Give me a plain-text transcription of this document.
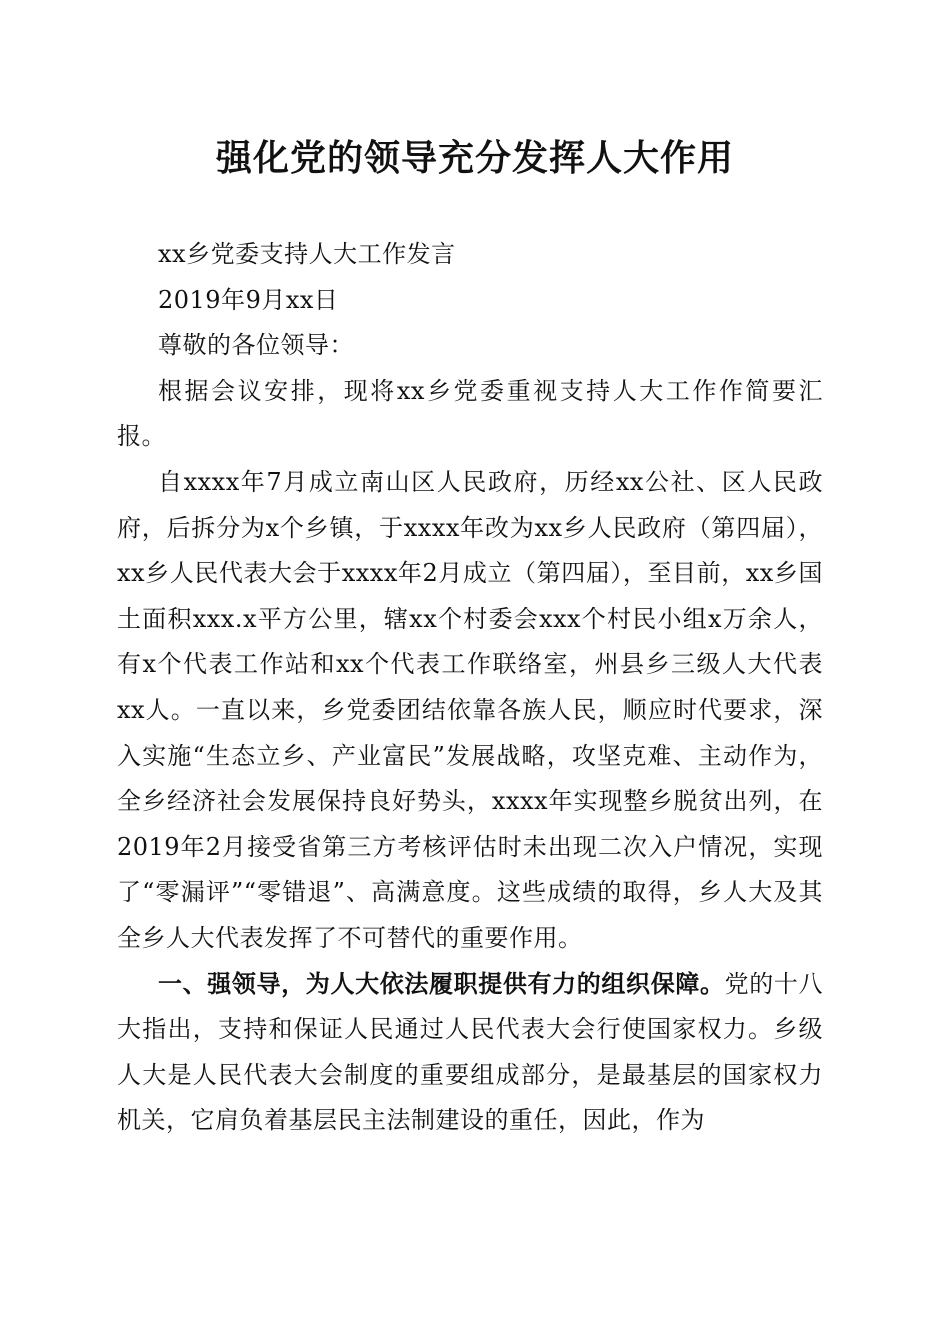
强化党的领导充分发挥人大作用

xx乡党委支持人大工作发言

2019年9月xx日

尊敬的各位领导：

根据会议安排，现将xx乡党委重视支持人大工作作简要汇报。

自xxxx年7月成立南山区人民政府，历经xx公社、区人民政府，后拆分为x个乡镇，于xxxx年改为xx乡人民政府（第四届），xx乡人民代表大会于xxxx年2月成立（第四届），至目前，xx乡国土面积xxx.x平方公里，辖xx个村委会xxx个村民小组x万余人，有x个代表工作站和xx个代表工作联络室，州县乡三级人大代表xx人。一直以来，乡党委团结依靠各族人民，顺应时代要求，深入实施“生态立乡、产业富民”发展战略，攻坚克难、主动作为，全乡经济社会发展保持良好势头，xxxx年实现整乡脱贫出列，在2019年2月接受省第三方考核评估时未出现二次入户情况，实现了“零漏评”“零错退”、高满意度。这些成绩的取得，乡人大及其全乡人大代表发挥了不可替代的重要作用。

一、强领导，为人大依法履职提供有力的组织保障。党的十八大指出，支持和保证人民通过人民代表大会行使国家权力。乡级人大是人民代表大会制度的重要组成部分，是最基层的国家权力机关，它肩负着基层民主法制建设的重任，因此，作为
